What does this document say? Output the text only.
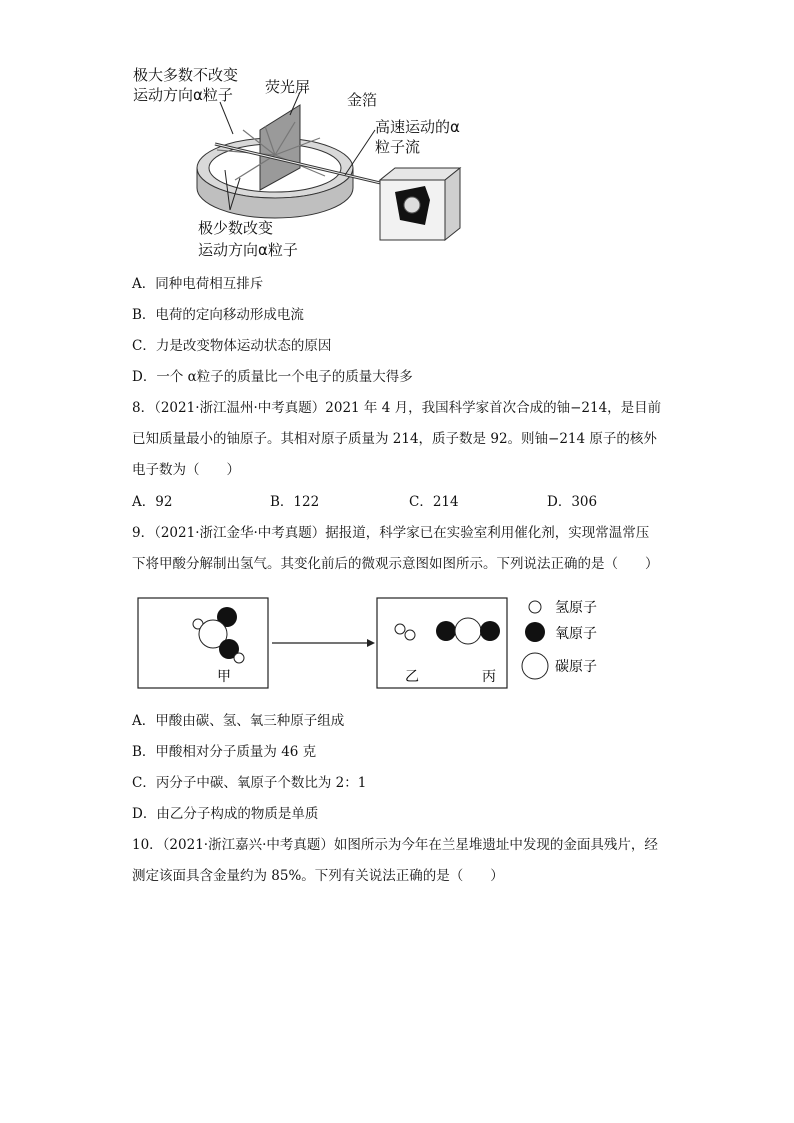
极大多数不改变
运动方向α粒子 荧光屏
金箔
高速运动的α
粒子流
极少数改变
运动方向α粒子
A．同种电荷相互排斥
B．电荷的定向移动形成电流
C．力是改变物体运动状态的原因
D．一个 α粒子的质量比一个电子的质量大得多
8．（2021·浙江温州·中考真题）2021 年 4 月，我国科学家首次合成的铀−214，是目前
已知质量最小的铀原子。其相对原子质量为 214，质子数是 92。则铀−214 原子的核外
电子数为（　　）
A．92	B．122	C．214	D．306
9．（2021·浙江金华·中考真题）据报道，科学家已在实验室利用催化剂，实现常温常压
下将甲酸分解制出氢气。其变化前后的微观示意图如图所示。下列说法正确的是（　　）
甲	乙	丙
氢原子
氧原子
碳原子
A．甲酸由碳、氢、氧三种原子组成
B．甲酸相对分子质量为 46 克
C．丙分子中碳、氧原子个数比为 2：1
D．由乙分子构成的物质是单质
10．（2021·浙江嘉兴·中考真题）如图所示为今年在兰星堆遗址中发现的金面具残片，经
测定该面具含金量约为 85%。下列有关说法正确的是（　　）
